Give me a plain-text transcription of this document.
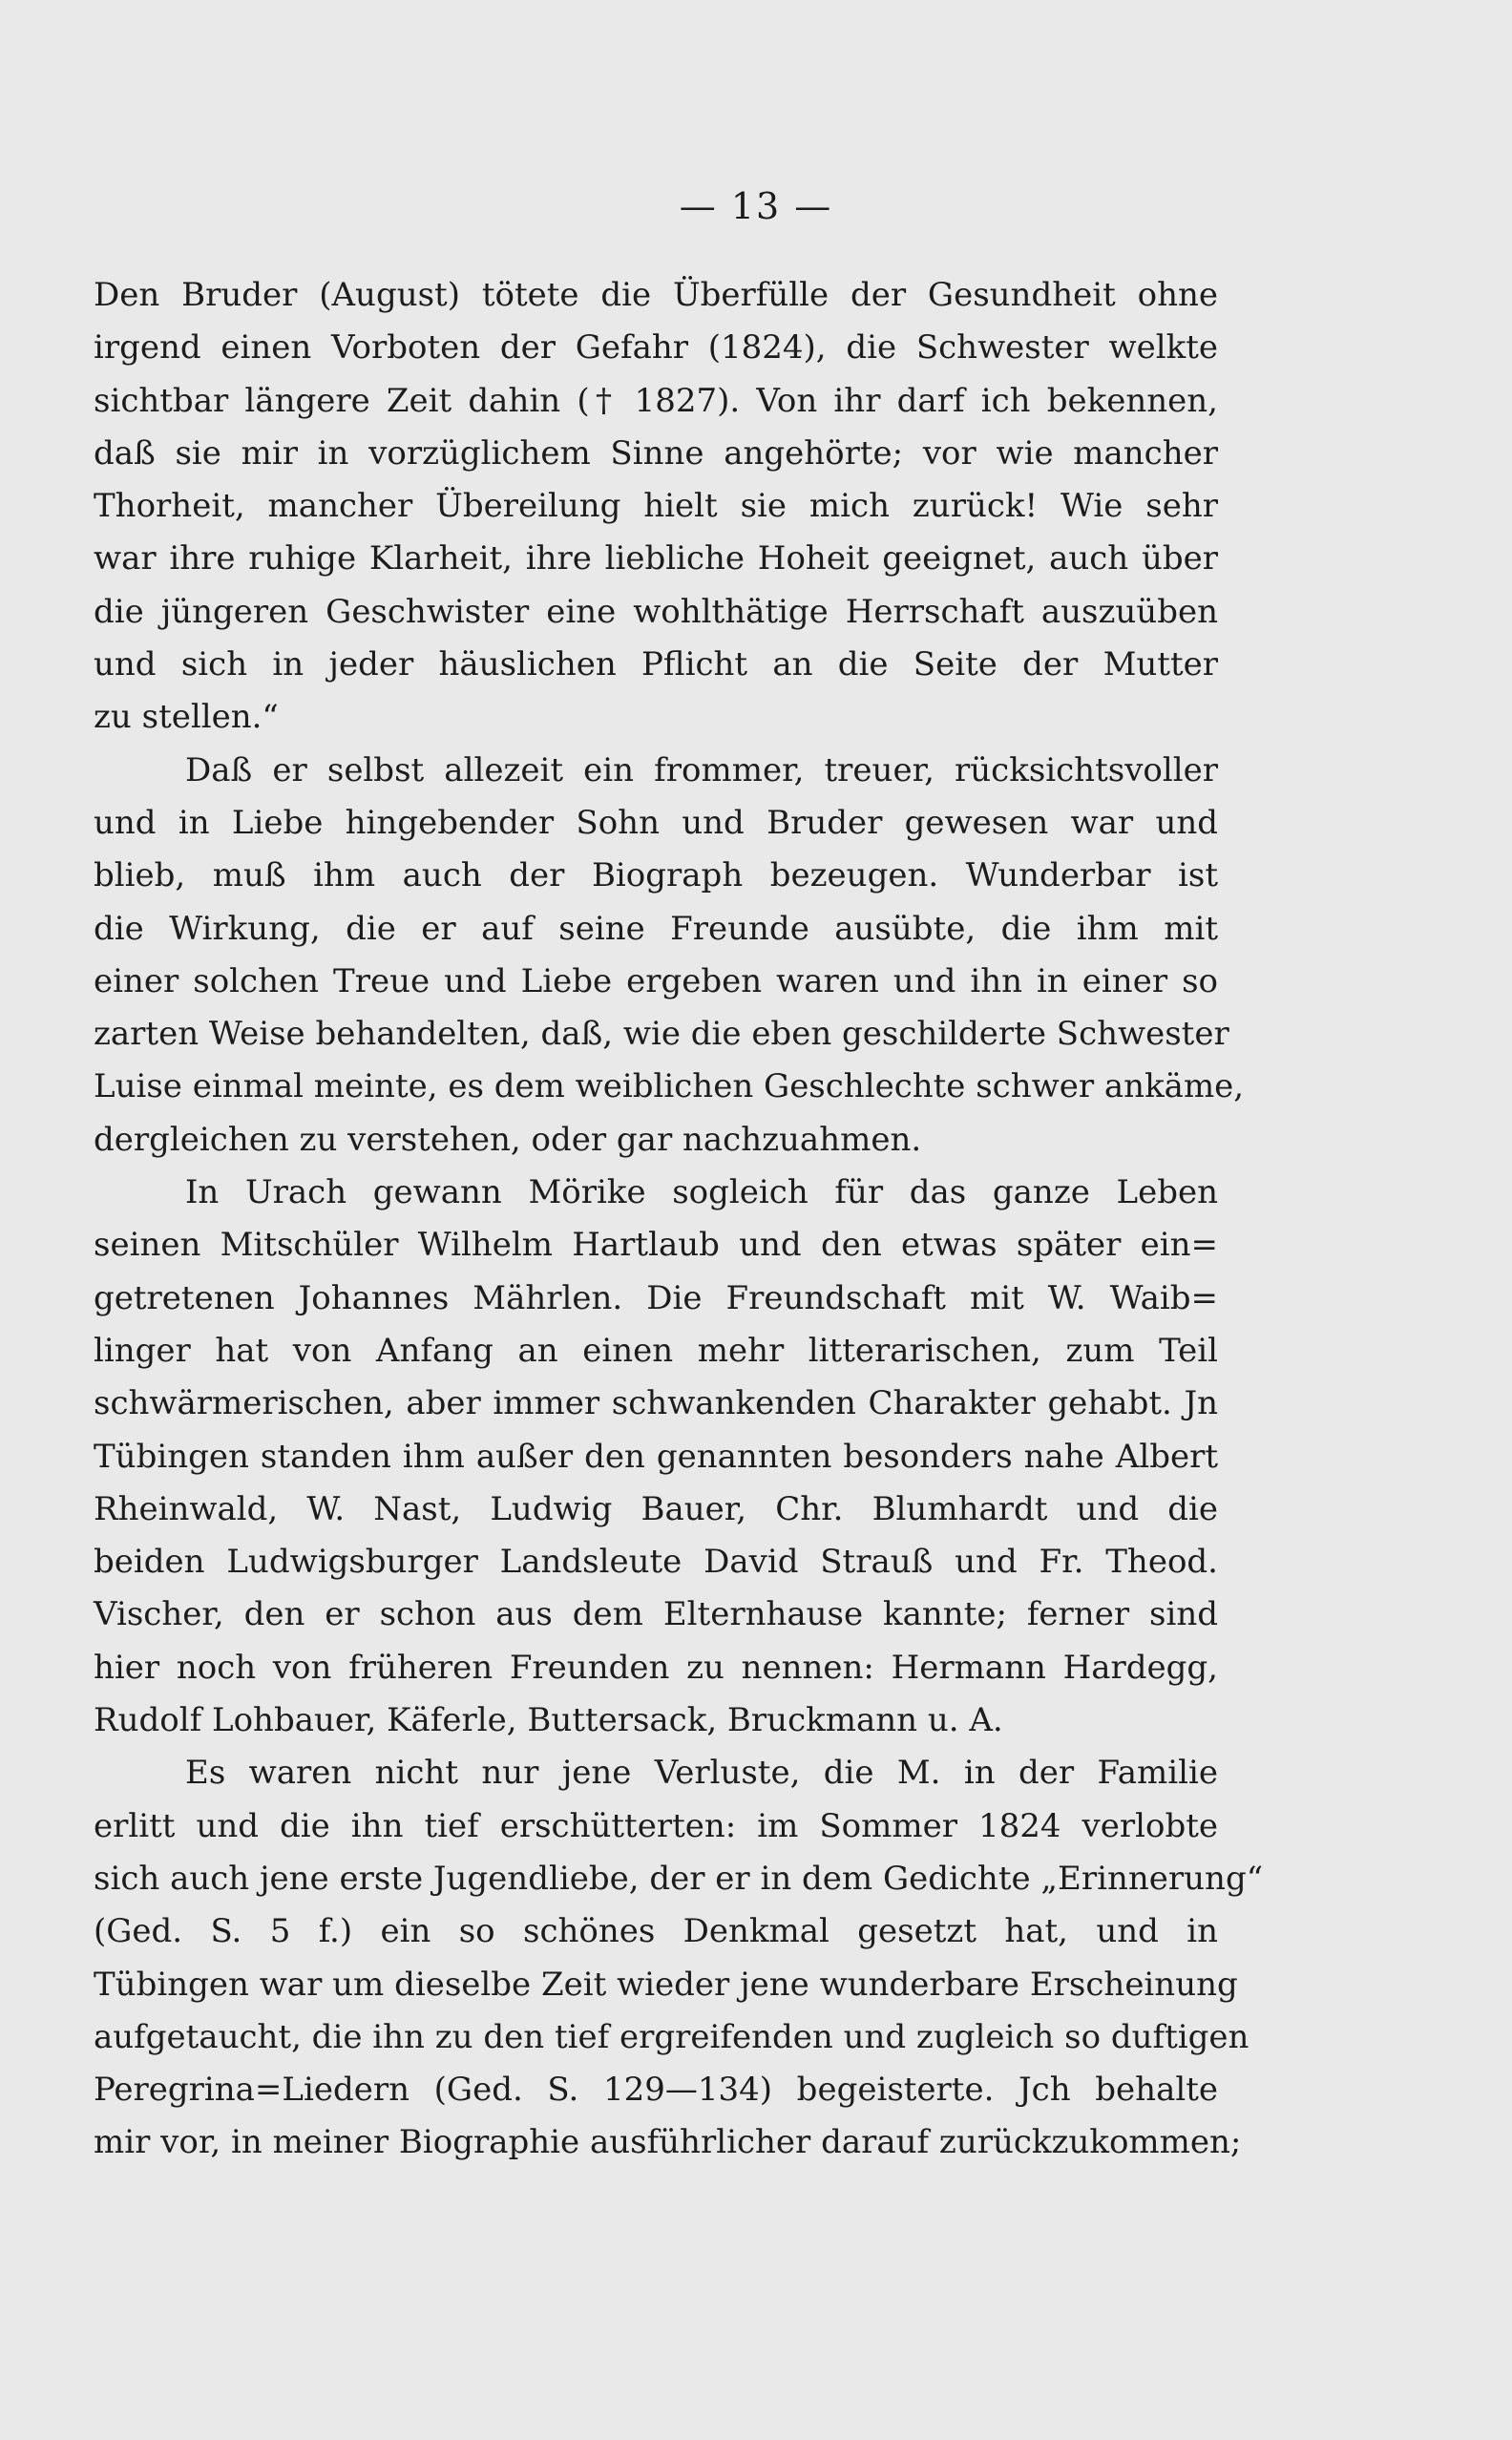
— 13 —
Den Bruder (August) tötete die Überfülle der Gesundheit ohne
irgend einen Vorboten der Gefahr (1824), die Schwester welkte
sichtbar längere Zeit dahin († 1827). Von ihr darf ich bekennen,
daß sie mir in vorzüglichem Sinne angehörte; vor wie mancher
Thorheit, mancher Übereilung hielt sie mich zurück! Wie sehr
war ihre ruhige Klarheit, ihre liebliche Hoheit geeignet, auch über
die jüngeren Geschwister eine wohlthätige Herrschaft auszuüben
und sich in jeder häuslichen Pflicht an die Seite der Mutter
zu stellen.“
Daß er selbst allezeit ein frommer, treuer, rücksichtsvoller
und in Liebe hingebender Sohn und Bruder gewesen war und
blieb, muß ihm auch der Biograph bezeugen. Wunderbar ist
die Wirkung, die er auf seine Freunde ausübte, die ihm mit
einer solchen Treue und Liebe ergeben waren und ihn in einer so
zarten Weise behandelten, daß, wie die eben geschilderte Schwester
Luise einmal meinte, es dem weiblichen Geschlechte schwer ankäme,
dergleichen zu verstehen, oder gar nachzuahmen.
In Urach gewann Mörike sogleich für das ganze Leben
seinen Mitschüler Wilhelm Hartlaub und den etwas später ein=
getretenen Johannes Mährlen. Die Freundschaft mit W. Waib=
linger hat von Anfang an einen mehr litterarischen, zum Teil
schwärmerischen, aber immer schwankenden Charakter gehabt. Jn
Tübingen standen ihm außer den genannten besonders nahe Albert
Rheinwald, W. Nast, Ludwig Bauer, Chr. Blumhardt und die
beiden Ludwigsburger Landsleute David Strauß und Fr. Theod.
Vischer, den er schon aus dem Elternhause kannte; ferner sind
hier noch von früheren Freunden zu nennen: Hermann Hardegg,
Rudolf Lohbauer, Käferle, Buttersack, Bruckmann u. A.
Es waren nicht nur jene Verluste, die M. in der Familie
erlitt und die ihn tief erschütterten: im Sommer 1824 verlobte
sich auch jene erste Jugendliebe, der er in dem Gedichte „Erinnerung“
(Ged. S. 5 f.) ein so schönes Denkmal gesetzt hat, und in
Tübingen war um dieselbe Zeit wieder jene wunderbare Erscheinung
aufgetaucht, die ihn zu den tief ergreifenden und zugleich so duftigen
Peregrina=Liedern (Ged. S. 129—134) begeisterte. Jch behalte
mir vor, in meiner Biographie ausführlicher darauf zurückzukommen;
